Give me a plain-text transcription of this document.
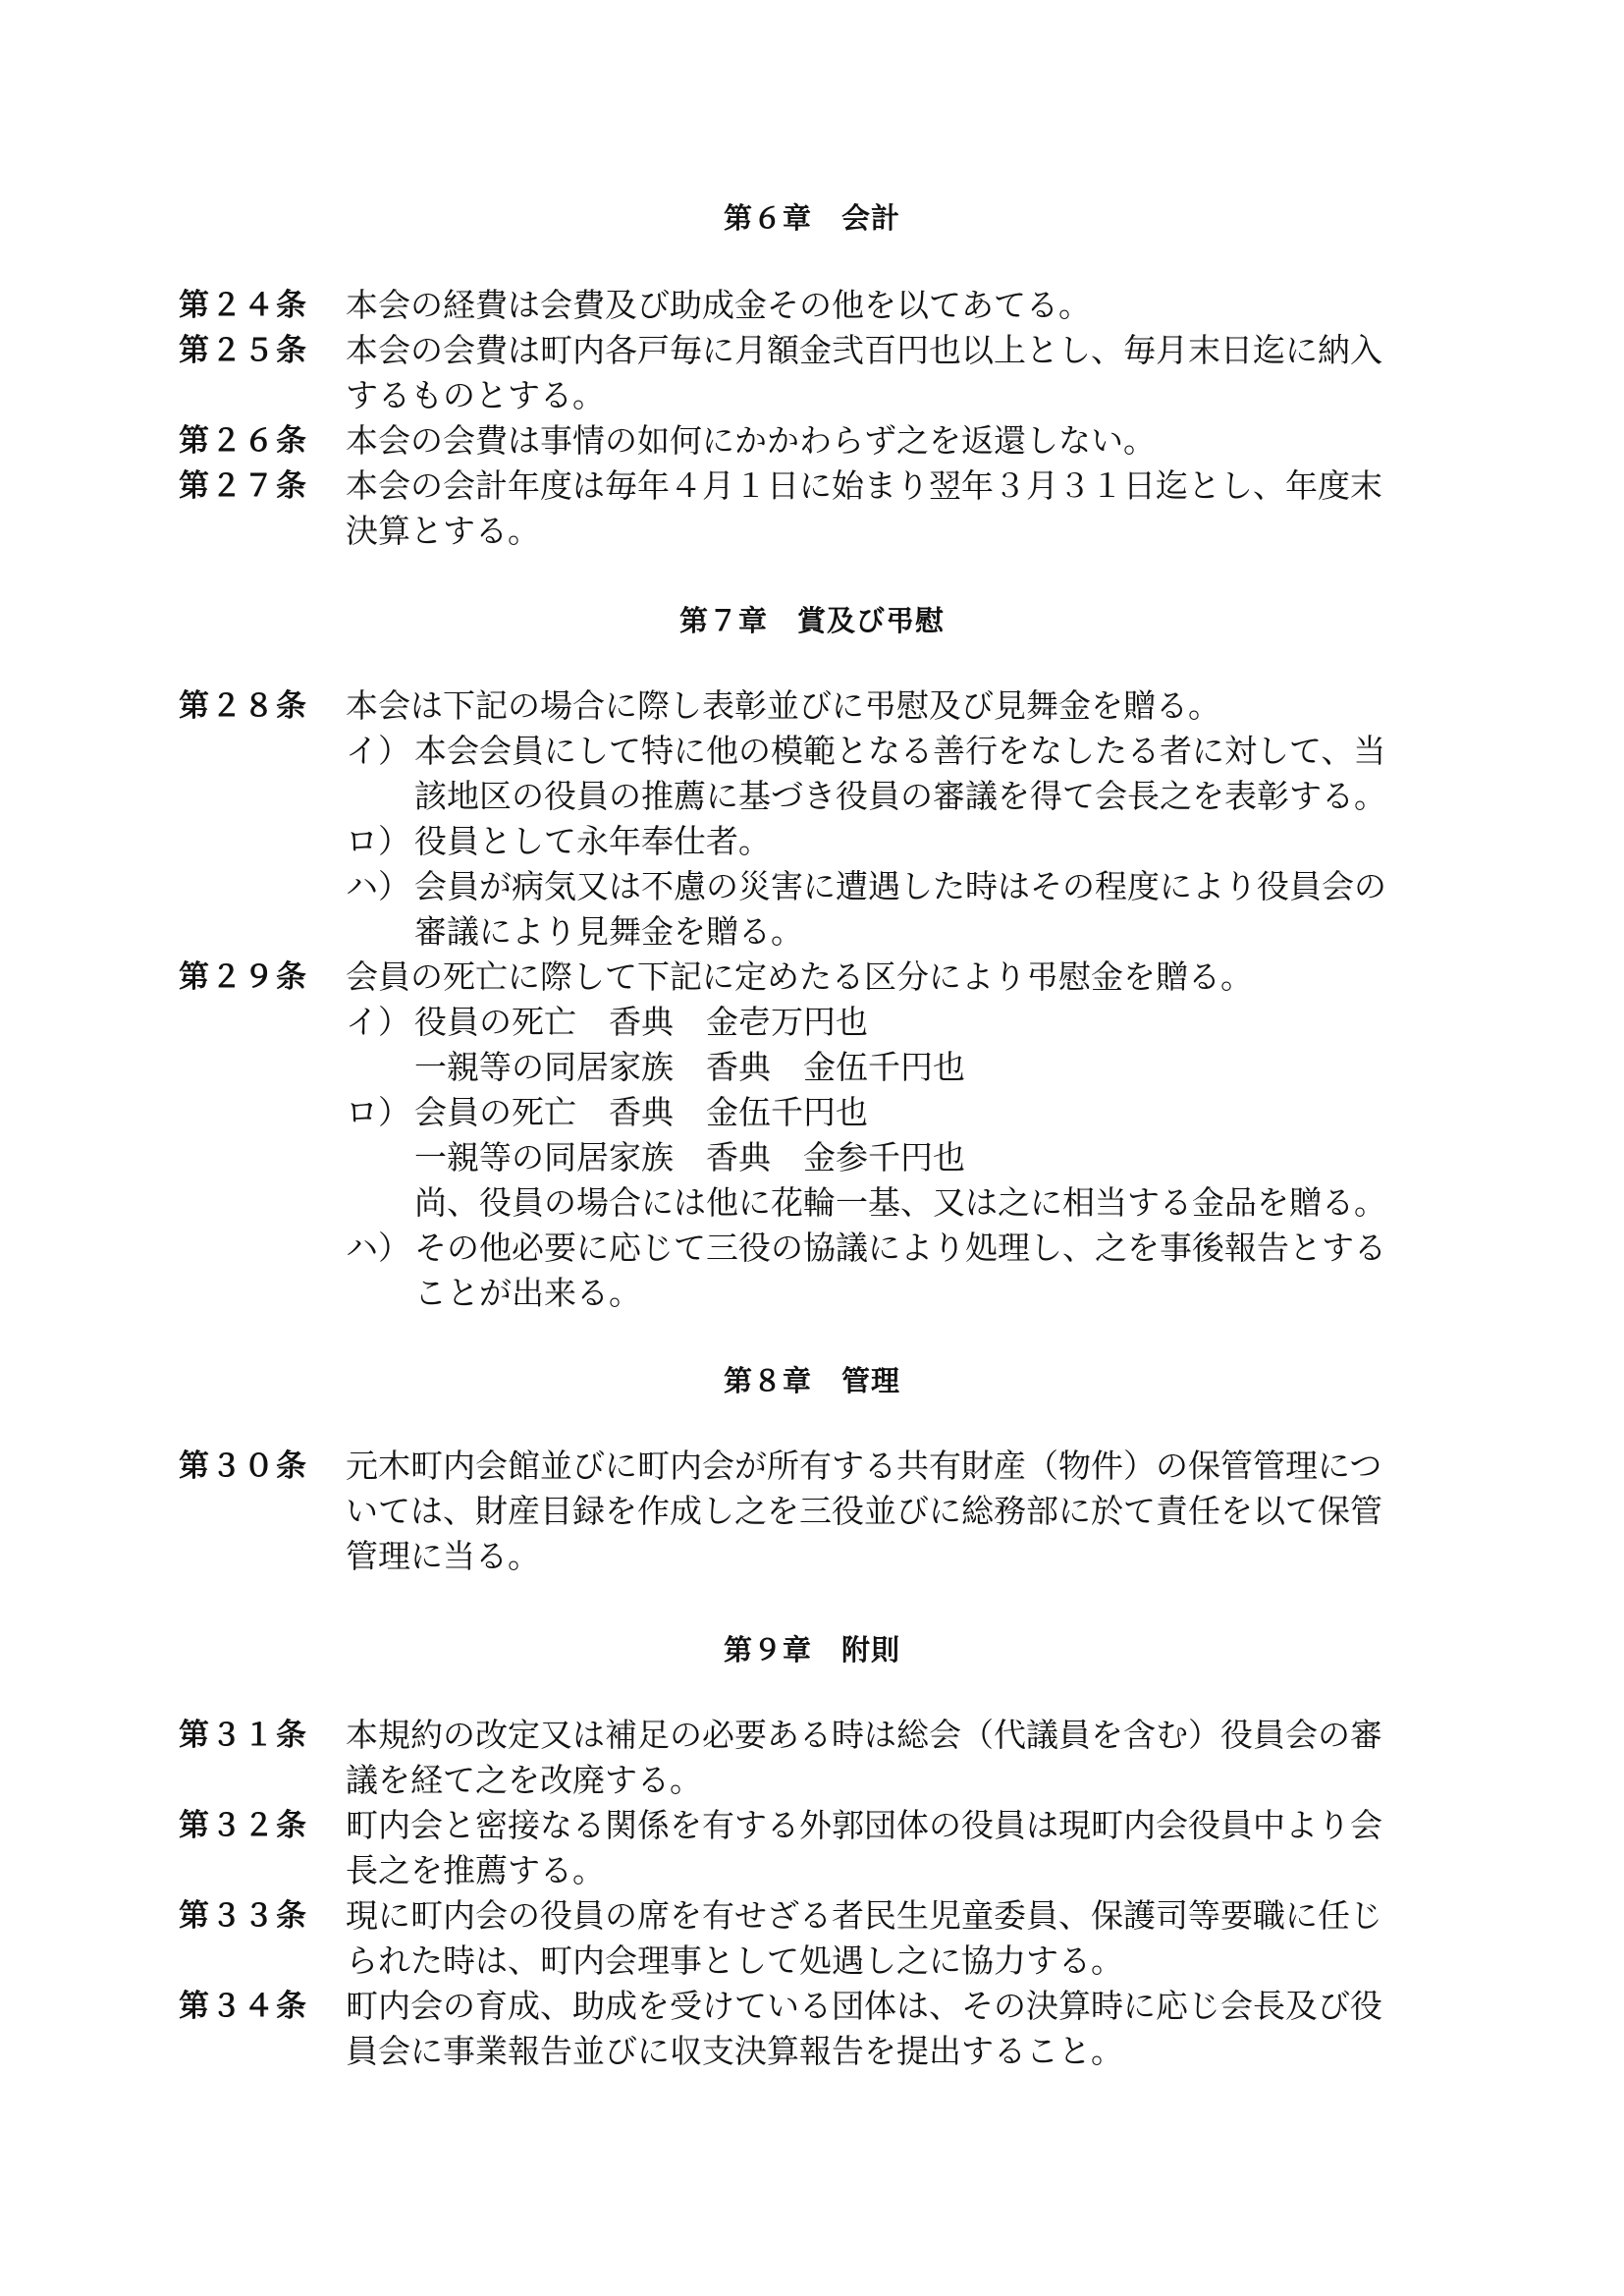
第６章　会計
第２４条 本会の経費は会費及び助成金その他を以てあてる。
第２５条 本会の会費は町内各戸毎に月額金弐百円也以上とし、毎月末日迄に納入
するものとする。
第２６条 本会の会費は事情の如何にかかわらず之を返還しない。
第２７条 本会の会計年度は毎年４月１日に始まり翌年３月３１日迄とし、年度末
決算とする。
第７章　賞及び弔慰
第２８条 本会は下記の場合に際し表彰並びに弔慰及び見舞金を贈る。
イ） 本会会員にして特に他の模範となる善行をなしたる者に対して、当
該地区の役員の推薦に基づき役員の審議を得て会長之を表彰する。
ロ） 役員として永年奉仕者。
ハ） 会員が病気又は不慮の災害に遭遇した時はその程度により役員会の
審議により見舞金を贈る。
第２９条 会員の死亡に際して下記に定めたる区分により弔慰金を贈る。
イ） 役員の死亡　香典　金壱万円也
一親等の同居家族　香典　金伍千円也
ロ） 会員の死亡　香典　金伍千円也
一親等の同居家族　香典　金参千円也
尚、役員の場合には他に花輪一基、又は之に相当する金品を贈る。
ハ） その他必要に応じて三役の協議により処理し、之を事後報告とする
ことが出来る。
第８章　管理
第３０条 元木町内会館並びに町内会が所有する共有財産（物件）の保管管理につ
いては、財産目録を作成し之を三役並びに総務部に於て責任を以て保管
管理に当る。
第９章　附則
第３１条 本規約の改定又は補足の必要ある時は総会（代議員を含む）役員会の審
議を経て之を改廃する。
第３２条 町内会と密接なる関係を有する外郭団体の役員は現町内会役員中より会
長之を推薦する。
第３３条 現に町内会の役員の席を有せざる者民生児童委員、保護司等要職に任じ
られた時は、町内会理事として処遇し之に協力する。
第３４条 町内会の育成、助成を受けている団体は、その決算時に応じ会長及び役
員会に事業報告並びに収支決算報告を提出すること。
